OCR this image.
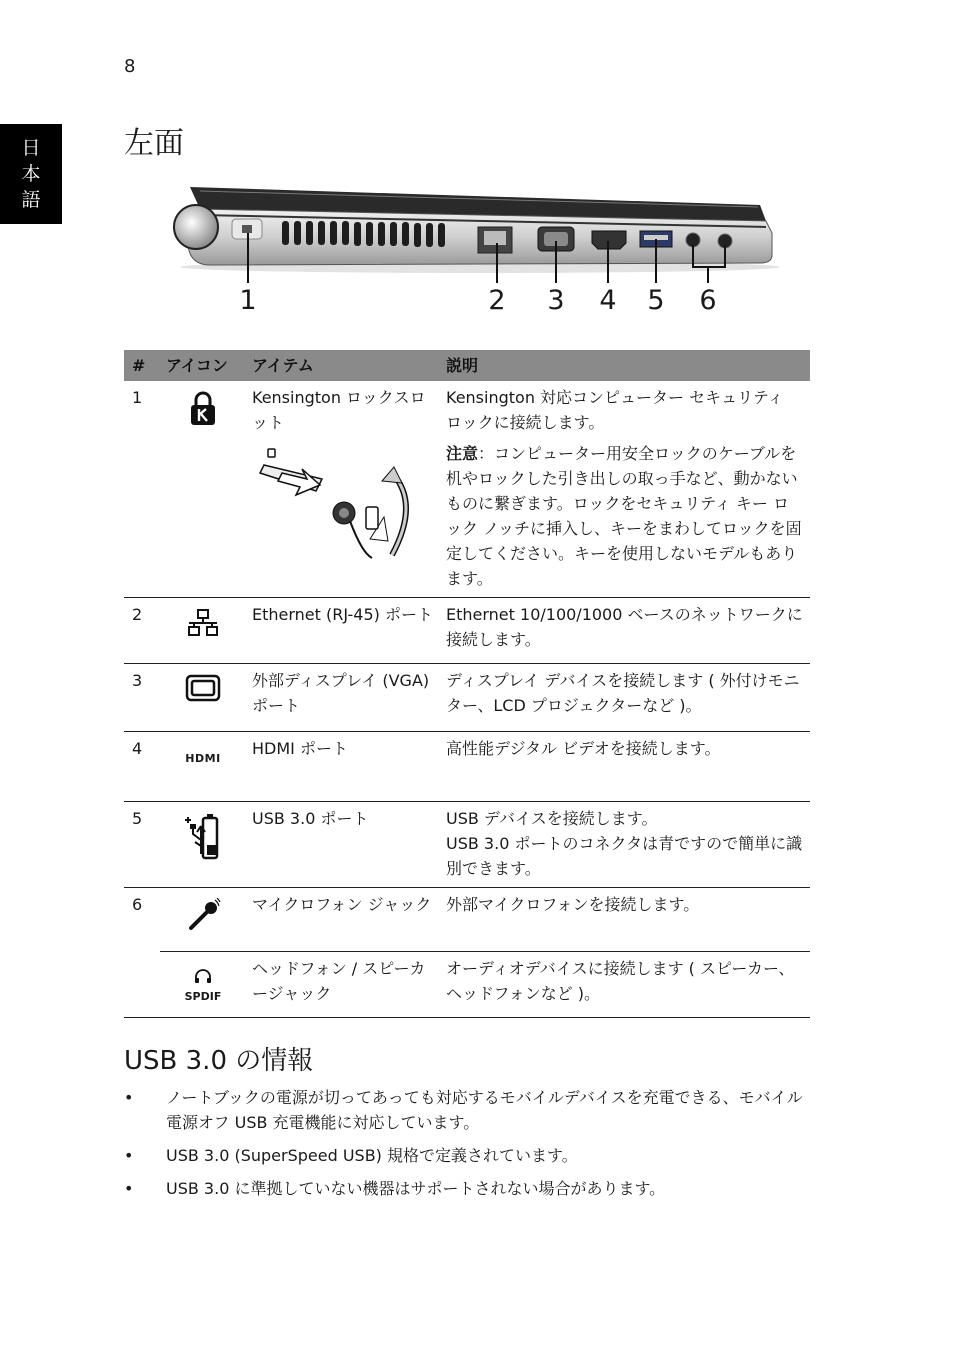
8
日
本
語
左面
1	2 3 4 5 6
#	アイコン	アイテム	説明
1		Kensington ロックスロット	Kensington 対応コンピューター セキュリティ ロックに接続します。

注意：コンピューター用安全ロックのケーブルを机やロックした引き出しの取っ手など、動かないものに繋ぎます。ロックをセキュリティ キー ロック ノッチに挿入し、キーをまわしてロックを固定してください。キーを使用しないモデルもあります。

2		Ethernet (RJ-45) ポート	Ethernet 10/100/1000 ベースのネットワークに接続します。
3		外部ディスプレイ (VGA) ポート	ディスプレイ デバイスを接続します ( 外付けモニター、LCD プロジェクターなど )。
4	HDMI	HDMI ポート	高性能デジタル ビデオを接続します。
5		USB 3.0 ポート	USB デバイスを接続します。
USB 3.0 ポートのコネクタは青ですので簡単に識別できます。

6		マイクロフォン ジャック	外部マイクロフォンを接続します。

	SPDIF	ヘッドフォン / スピーカージャック	オーディオデバイスに接続します ( スピーカー、ヘッドフォンなど )。
USB 3.0 の情報
• ノートブックの電源が切ってあっても対応するモバイルデバイスを充電できる、モバイル電源オフ USB 充電機能に対応しています。
• USB 3.0 (SuperSpeed USB) 規格で定義されています。
• USB 3.0 に準拠していない機器はサポートされない場合があります。
